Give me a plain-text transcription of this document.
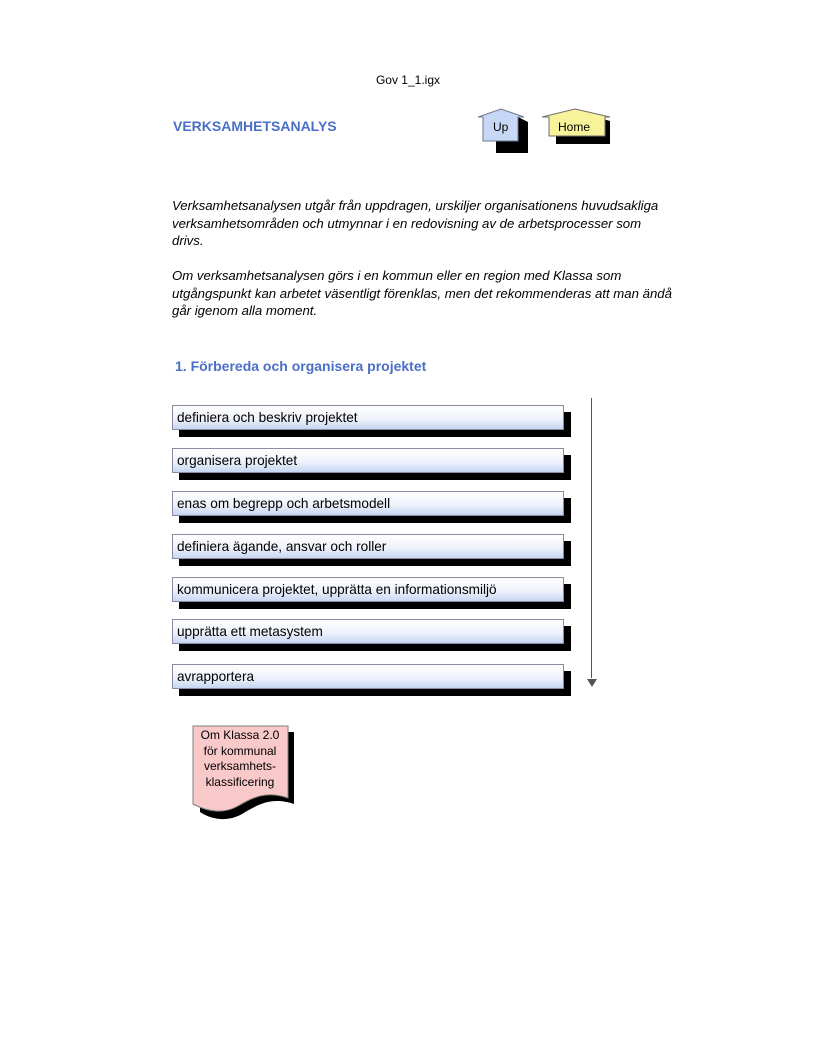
Gov 1_1.igx
VERKSAMHETSANALYS	Up	Home
Verksamhetsanalysen utgår från uppdragen, urskiljer organisationens huvudsakliga verksamhetsområden och utmynnar i en redovisning av de arbetsprocesser som drivs.
Om verksamhetsanalysen görs i en kommun eller en region med Klassa som utgångspunkt kan arbetet väsentligt förenklas, men det rekommenderas att man ändå går igenom alla moment.
1. Förbereda och organisera projektet
definiera och beskriv projektet
organisera projektet
enas om begrepp och arbetsmodell
definiera ägande, ansvar och roller
kommunicera projektet, upprätta en informationsmiljö
upprätta ett metasystem
avrapportera
Om Klassa 2.0
för kommunal
verksamhets-
klassificering
